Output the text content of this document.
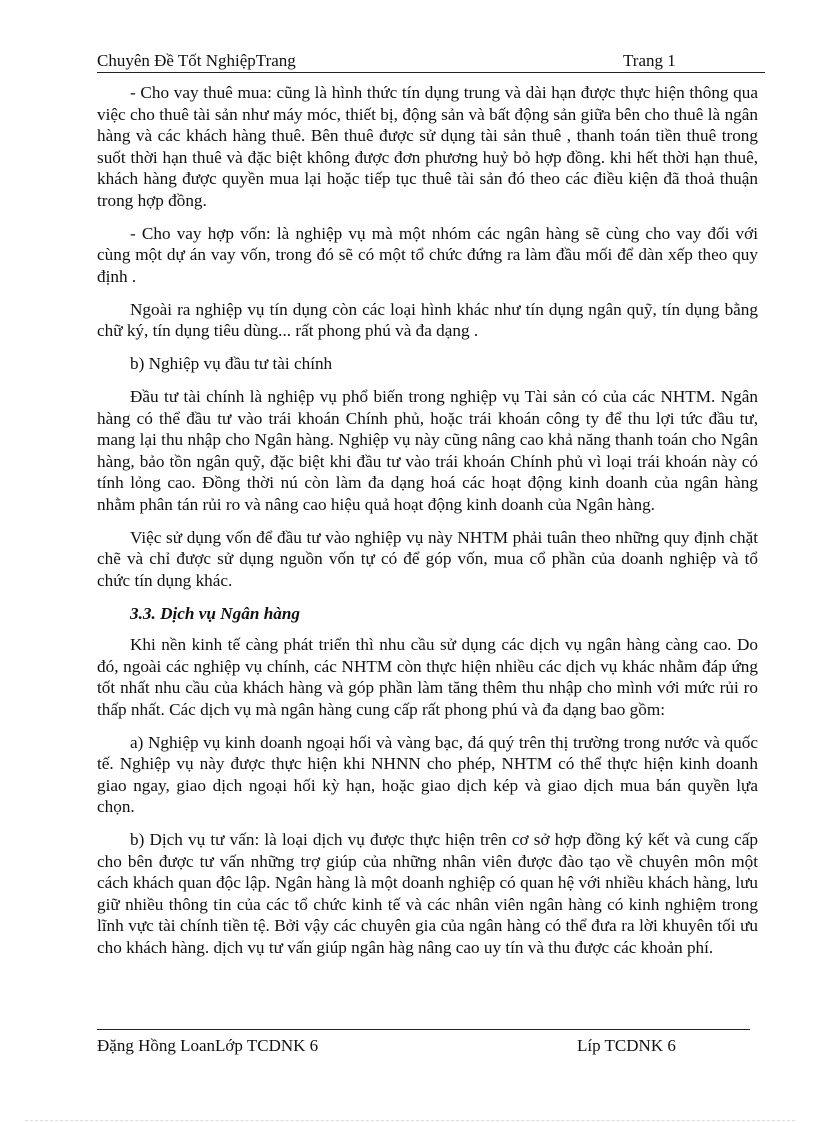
Chuyên Đề Tốt NghiệpTrang	Trang 1

- Cho vay thuê mua: cũng là hình thức tín dụng trung và dài hạn được thực hiện thông qua việc cho thuê tài sản như máy móc, thiết bị, động sản và bất động sản giữa bên cho thuê là ngân hàng và các khách hàng thuê. Bên thuê được sử dụng tài sản thuê , thanh toán tiền thuê trong suốt thời hạn thuê và đặc biệt không được đơn phương huỷ bỏ hợp đồng. khi hết thời hạn thuê, khách hàng được quyền mua lại hoặc tiếp tục thuê tài sản đó theo các điều kiện đã thoả thuận trong hợp đồng.

- Cho vay hợp vốn: là nghiệp vụ mà một nhóm các ngân hàng sẽ cùng cho vay đối với cùng một dự án vay vốn, trong đó sẽ có một tổ chức đứng ra làm đầu mối để dàn xếp theo quy định .

Ngoài ra nghiệp vụ tín dụng còn các loại hình khác như tín dụng ngân quỹ, tín dụng bằng chữ ký, tín dụng tiêu dùng... rất phong phú và đa dạng .

b) Nghiệp vụ đầu tư tài chính

Đầu tư tài chính là nghiệp vụ phổ biến trong nghiệp vụ Tài sản có của các NHTM. Ngân hàng có thể đầu tư vào trái khoán Chính phủ, hoặc trái khoán công ty để thu lợi tức đầu tư, mang lại thu nhập cho Ngân hàng. Nghiệp vụ này cũng nâng cao khả năng thanh toán cho Ngân hàng, bảo tồn ngân quỹ, đặc biệt khi đầu tư vào trái khoán Chính phủ vì loại trái khoán này có tính lỏng cao. Đồng thời nú còn làm đa dạng hoá các hoạt động kinh doanh của ngân hàng nhằm phân tán rủi ro và nâng cao hiệu quả hoạt động kinh doanh của Ngân hàng.

Việc sử dụng vốn để đầu tư vào nghiệp vụ này NHTM phải tuân theo những quy định chặt chẽ và chỉ được sử dụng nguồn vốn tự có để góp vốn, mua cổ phần của doanh nghiệp và tổ chức tín dụng khác.

3.3. Dịch vụ Ngân hàng

Khi nền kinh tế càng phát triển thì nhu cầu sử dụng các dịch vụ ngân hàng càng cao. Do đó, ngoài các nghiệp vụ chính, các NHTM còn thực hiện nhiều các dịch vụ khác nhằm đáp ứng tốt nhất nhu cầu của khách hàng và góp phần làm tăng thêm thu nhập cho mình với mức rủi ro thấp nhất. Các dịch vụ mà ngân hàng cung cấp rất phong phú và đa dạng bao gồm:

a) Nghiệp vụ kinh doanh ngoại hối và vàng bạc, đá quý trên thị trường trong nước và quốc tế. Nghiệp vụ này được thực hiện khi NHNN cho phép, NHTM có thể thực hiện kinh doanh giao ngay, giao dịch ngoại hối kỳ hạn, hoặc giao dịch kép và giao dịch mua bán quyền lựa chọn.

b) Dịch vụ tư vấn: là loại dịch vụ được thực hiện trên cơ sở hợp đồng ký kết và cung cấp cho bên được tư vấn những trợ giúp của những nhân viên được đào tạo về chuyên môn một cách khách quan độc lập. Ngân hàng là một doanh nghiệp có quan hệ với nhiều khách hàng, lưu giữ nhiều thông tin của các tổ chức kinh tế và các nhân viên ngân hàng có kinh nghiệm trong lĩnh vực tài chính tiền tệ. Bởi vậy các chuyên gia của ngân hàng có thể đưa ra lời khuyên tối ưu cho khách hàng. dịch vụ tư vấn giúp ngân hàg nâng cao uy tín và thu được các khoản phí.

Đặng Hồng LoanLớp TCDNK 6	Líp TCDNK 6
